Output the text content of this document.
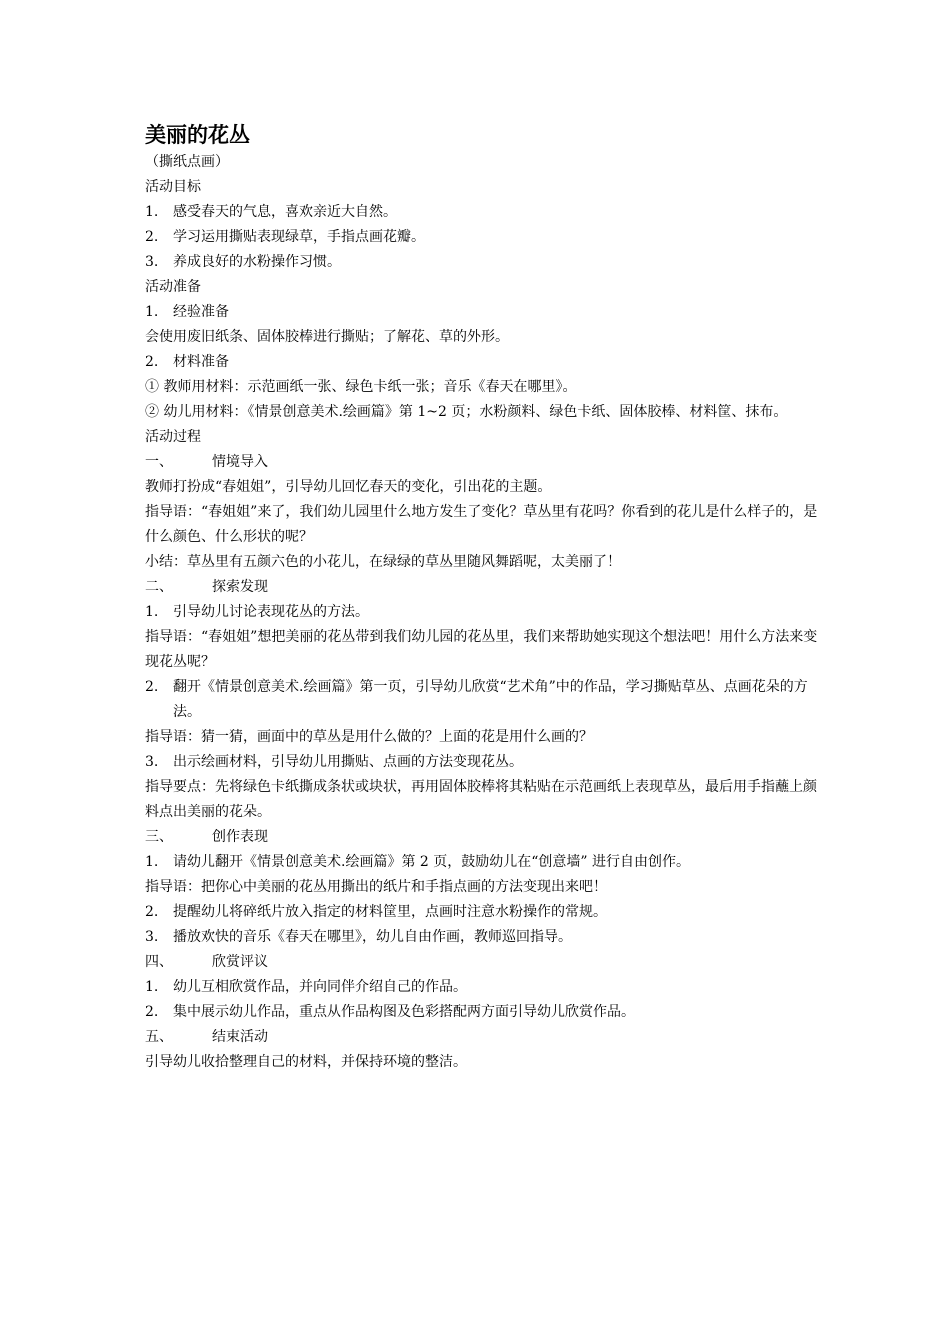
美丽的花丛

（撕纸点画）

活动目标

1. 感受春天的气息，喜欢亲近大自然。

2. 学习运用撕贴表现绿草，手指点画花瓣。

3. 养成良好的水粉操作习惯。

活动准备

1. 经验准备

会使用废旧纸条、固体胶棒进行撕贴；了解花、草的外形。

2. 材料准备

① 教师用材料：示范画纸一张、绿色卡纸一张；音乐《春天在哪里》。

② 幼儿用材料：《情景创意美术.绘画篇》第 1~2 页；水粉颜料、绿色卡纸、固体胶棒、材料筐、抹布。

活动过程

一、	情境导入

教师打扮成“春姐姐”，引导幼儿回忆春天的变化，引出花的主题。

指导语：“春姐姐”来了，我们幼儿园里什么地方发生了变化？草丛里有花吗？你看到的花儿是什么样子的，是什么颜色、什么形状的呢？

小结：草丛里有五颜六色的小花儿，在绿绿的草丛里随风舞蹈呢，太美丽了！

二、	探索发现

1. 引导幼儿讨论表现花丛的方法。

指导语：“春姐姐”想把美丽的花丛带到我们幼儿园的花丛里，我们来帮助她实现这个想法吧！用什么方法来变现花丛呢？

2. 翻开《情景创意美术.绘画篇》第一页，引导幼儿欣赏“艺术角”中的作品，学习撕贴草丛、点画花朵的方法。

指导语：猜一猜，画面中的草丛是用什么做的？上面的花是用什么画的？

3. 出示绘画材料，引导幼儿用撕贴、点画的方法变现花丛。

指导要点：先将绿色卡纸撕成条状或块状，再用固体胶棒将其粘贴在示范画纸上表现草丛，最后用手指蘸上颜料点出美丽的花朵。

三、	创作表现

1. 请幼儿翻开《情景创意美术.绘画篇》第 2 页，鼓励幼儿在“创意墙” 进行自由创作。

指导语：把你心中美丽的花丛用撕出的纸片和手指点画的方法变现出来吧！

2. 提醒幼儿将碎纸片放入指定的材料筐里，点画时注意水粉操作的常规。

3. 播放欢快的音乐《春天在哪里》，幼儿自由作画，教师巡回指导。

四、	欣赏评议

1. 幼儿互相欣赏作品，并向同伴介绍自己的作品。

2. 集中展示幼儿作品，重点从作品构图及色彩搭配两方面引导幼儿欣赏作品。

五、	结束活动

引导幼儿收拾整理自己的材料，并保持环境的整洁。
